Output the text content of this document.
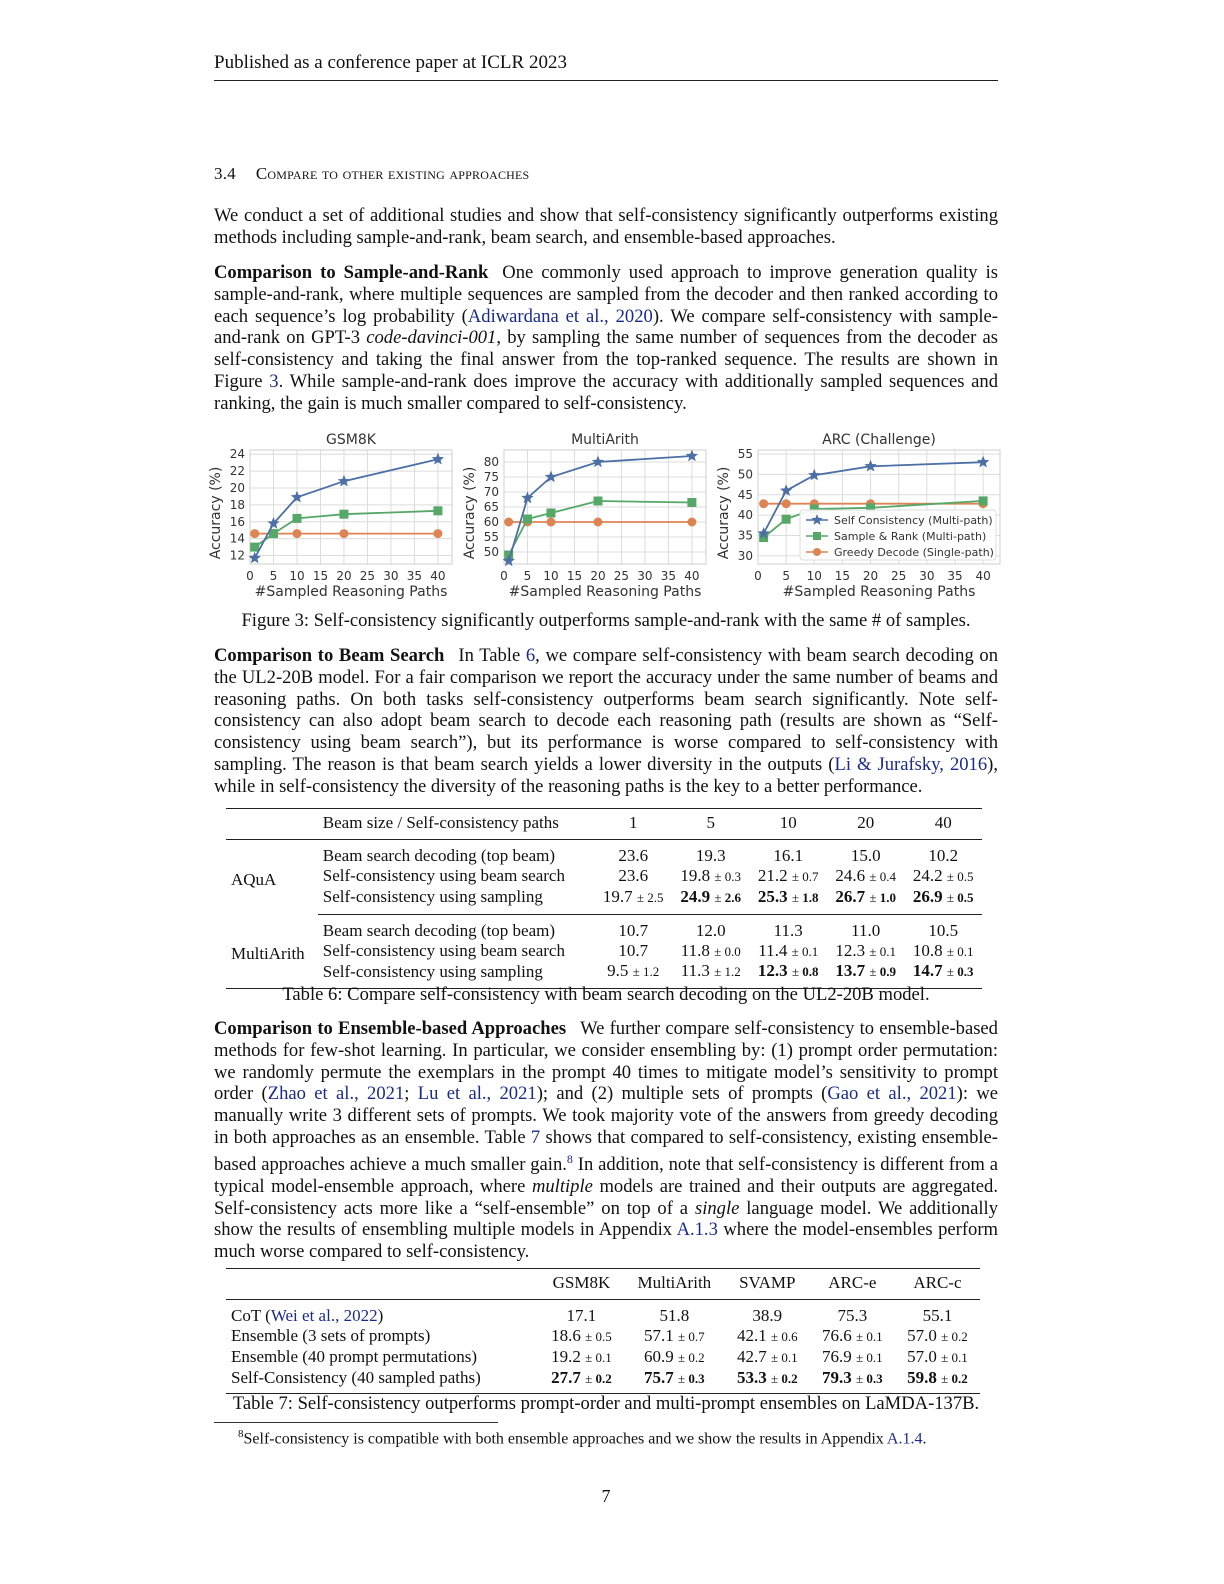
Published as a conference paper at ICLR 2023
3.4 Compare to other existing approaches

We conduct a set of additional studies and show that self-consistency significantly outperforms existing methods including sample-and-rank, beam search, and ensemble-based approaches.

Comparison to Sample-and-Rank One commonly used approach to improve generation quality is sample-and-rank, where multiple sequences are sampled from the decoder and then ranked according to each sequence’s log probability (Adiwardana et al., 2020). We compare self-consistency with sample-and-rank on GPT-3 code-davinci-001, by sampling the same number of sequences from the decoder as self-consistency and taking the final answer from the top-ranked sequence. The results are shown in Figure 3. While sample-and-rank does improve the accuracy with additionally sampled sequences and ranking, the gain is much smaller compared to self-consistency.

GSM8K
0 5 10 15 20 25 30 35 40
12
14
16
18
20
22
24
#Sampled Reasoning Paths
Accuracy (%)
MultiArith
0 5 10 15 20 25 30 35 40
50
55
60
65
70
75
80
#Sampled Reasoning Paths
Accuracy (%)
ARC (Challenge)
0 5 10 15 20 25 30 35 40
30
35
40
45
50
55
#Sampled Reasoning Paths
Accuracy (%)	Self Consistency (Multi-path)
Sample & Rank (Multi-path)
Greedy Decode (Single-path)
Figure 3: Self-consistency significantly outperforms sample-and-rank with the same # of samples.

Comparison to Beam Search In Table 6, we compare self-consistency with beam search decoding on the UL2-20B model. For a fair comparison we report the accuracy under the same number of beams and reasoning paths. On both tasks self-consistency outperforms beam search significantly. Note self-consistency can also adopt beam search to decode each reasoning path (results are shown as “Self-consistency using beam search”), but its performance is worse compared to self-consistency with sampling. The reason is that beam search yields a lower diversity in the outputs (Li & Jurafsky, 2016), while in self-consistency the diversity of the reasoning paths is the key to a better performance.

	Beam size / Self-consistency paths	1	5	10	20	40
AQuA	Beam search decoding (top beam)	23.6	19.3	16.1	15.0	10.2
	Self-consistency using beam search	23.6	19.8 ± 0.3	21.2 ± 0.7	24.6 ± 0.4	24.2 ± 0.5
	Self-consistency using sampling	19.7 ± 2.5	24.9 ± 2.6	25.3 ± 1.8	26.7 ± 1.0	26.9 ± 0.5
MultiArith	Beam search decoding (top beam)	10.7	12.0	11.3	11.0	10.5
	Self-consistency using beam search	10.7	11.8 ± 0.0	11.4 ± 0.1	12.3 ± 0.1	10.8 ± 0.1
	Self-consistency using sampling	9.5 ± 1.2	11.3 ± 1.2	12.3 ± 0.8	13.7 ± 0.9	14.7 ± 0.3
Table 6: Compare self-consistency with beam search decoding on the UL2-20B model.

Comparison to Ensemble-based Approaches We further compare self-consistency to ensemble-based methods for few-shot learning. In particular, we consider ensembling by: (1) prompt order permutation: we randomly permute the exemplars in the prompt 40 times to mitigate model’s sensitivity to prompt order (Zhao et al., 2021; Lu et al., 2021); and (2) multiple sets of prompts (Gao et al., 2021): we manually write 3 different sets of prompts. We took majority vote of the answers from greedy decoding in both approaches as an ensemble. Table 7 shows that compared to self-consistency, existing ensemble-based approaches achieve a much smaller gain.$^8$ In addition, note that self-consistency is different from a typical model-ensemble approach, where multiple models are trained and their outputs are aggregated. Self-consistency acts more like a “self-ensemble” on top of a single language model. We additionally show the results of ensembling multiple models in Appendix A.1.3 where the model-ensembles perform much worse compared to self-consistency.

	GSM8K	MultiArith	SVAMP	ARC-e	ARC-c
CoT (Wei et al., 2022)	17.1	51.8	38.9	75.3	55.1
Ensemble (3 sets of prompts)	18.6 ± 0.5	57.1 ± 0.7	42.1 ± 0.6	76.6 ± 0.1	57.0 ± 0.2
Ensemble (40 prompt permutations)	19.2 ± 0.1	60.9 ± 0.2	42.7 ± 0.1	76.9 ± 0.1	57.0 ± 0.1
Self-Consistency (40 sampled paths)	27.7 ± 0.2	75.7 ± 0.3	53.3 ± 0.2	79.3 ± 0.3	59.8 ± 0.2
Table 7: Self-consistency outperforms prompt-order and multi-prompt ensembles on LaMDA-137B.
$^8$Self-consistency is compatible with both ensemble approaches and we show the results in Appendix A.1.4.
7
